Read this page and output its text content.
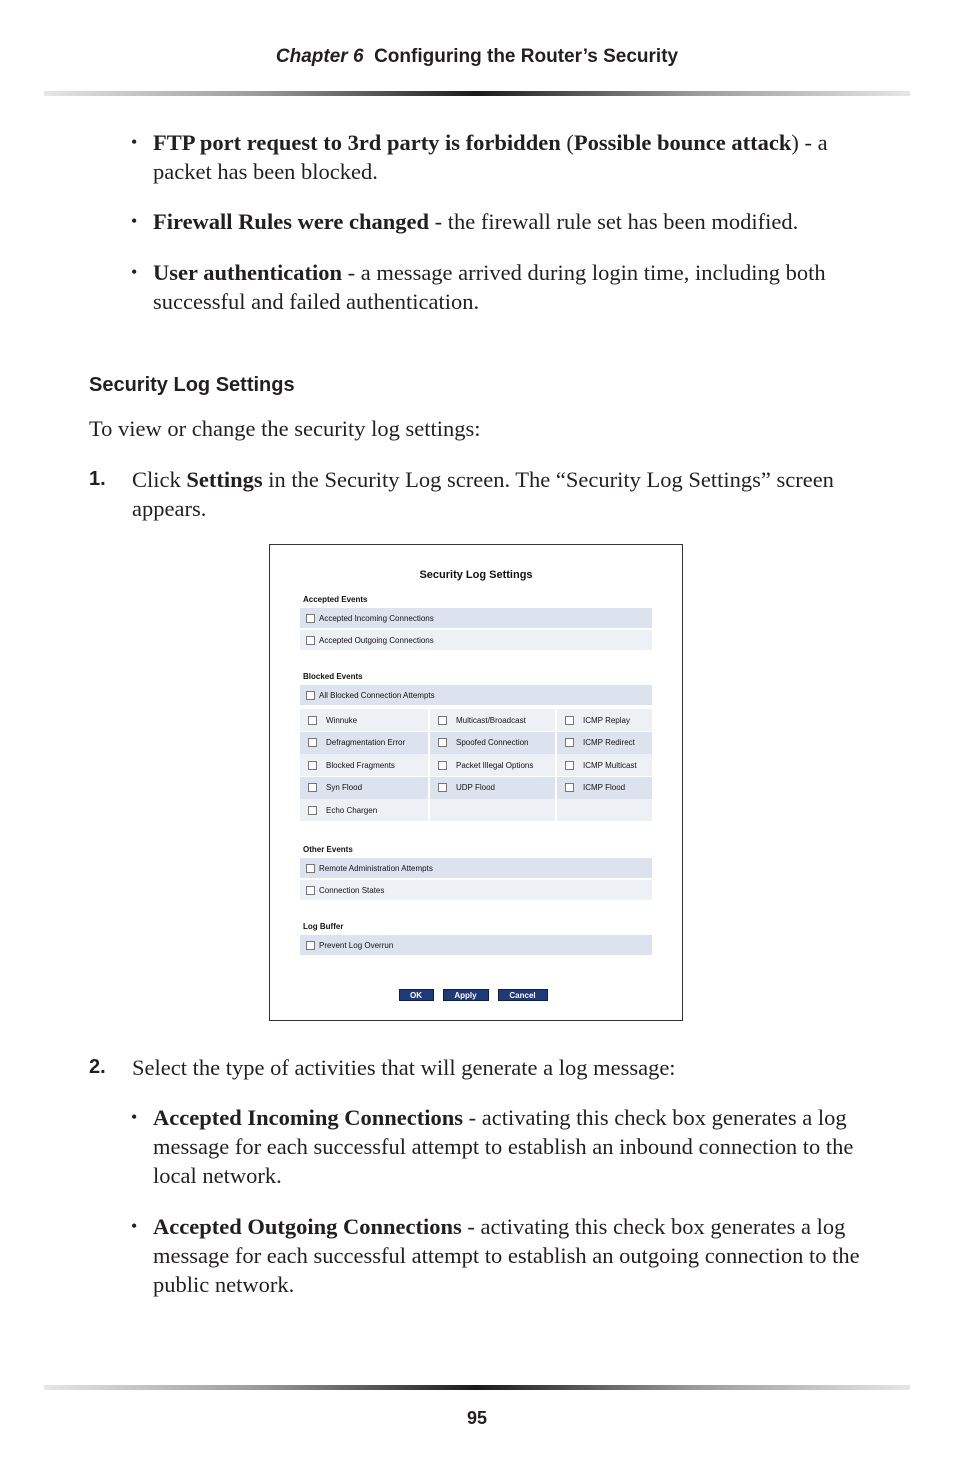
Chapter 6 Configuring the Router’s Security
• FTP port request to 3rd party is forbidden (Possible bounce attack) - a packet has been blocked.
• Firewall Rules were changed - the firewall rule set has been modified.
• User authentication - a message arrived during login time, including both successful and failed authentication.
Security Log Settings
To view or change the security log settings:
1. Click Settings in the Security Log screen. The “Security Log Settings” screen appears.
Security Log Settings
Accepted Events
Accepted Incoming Connections
Accepted Outgoing Connections
Blocked Events
All Blocked Connection Attempts
Winnuke	Multicast/Broadcast	ICMP Replay
Defragmentation Error	Spoofed Connection	ICMP Redirect
Blocked Fragments	Packet Illegal Options	ICMP Multicast
Syn Flood	UDP Flood	ICMP Flood
Echo Chargen
Other Events
Remote Administration Attempts
Connection States
Log Buffer
Prevent Log Overrun
OK	Apply	Cancel
2. Select the type of activities that will generate a log message:
• Accepted Incoming Connections - activating this check box generates a log message for each successful attempt to establish an inbound connection to the local network.
• Accepted Outgoing Connections - activating this check box generates a log message for each successful attempt to establish an outgoing connection to the public network.
95
